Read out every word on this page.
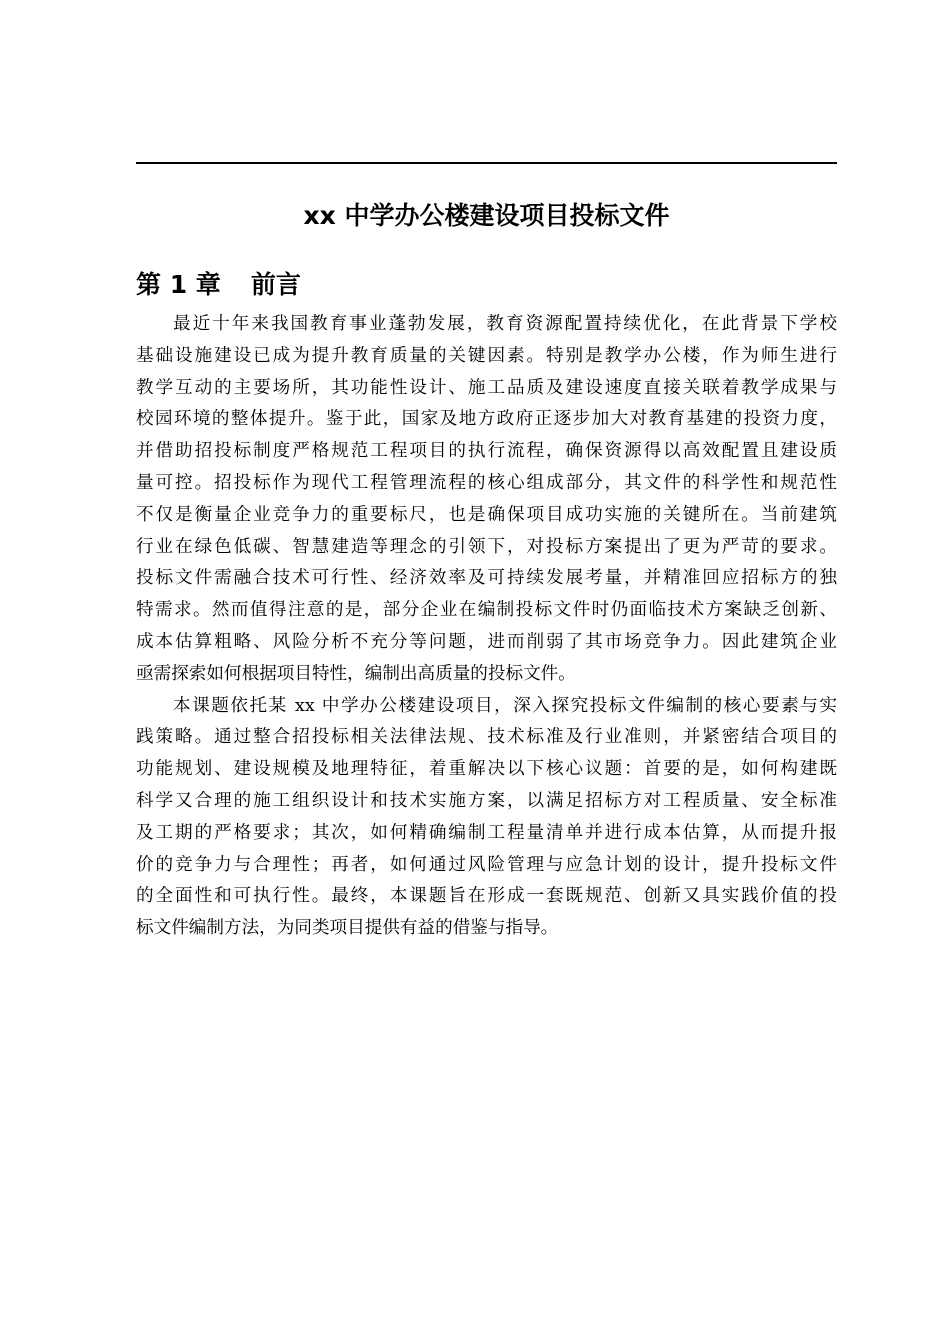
xx 中学办公楼建设项目投标文件
第 1 章 前言

最近十年来我国教育事业蓬勃发展，教育资源配置持续优化，在此背景下学校
基础设施建设已成为提升教育质量的关键因素。特别是教学办公楼，作为师生进行
教学互动的主要场所，其功能性设计、施工品质及建设速度直接关联着教学成果与
校园环境的整体提升。鉴于此，国家及地方政府正逐步加大对教育基建的投资力度，
并借助招投标制度严格规范工程项目的执行流程，确保资源得以高效配置且建设质
量可控。招投标作为现代工程管理流程的核心组成部分，其文件的科学性和规范性
不仅是衡量企业竞争力的重要标尺，也是确保项目成功实施的关键所在。当前建筑
行业在绿色低碳、智慧建造等理念的引领下，对投标方案提出了更为严苛的要求。
投标文件需融合技术可行性、经济效率及可持续发展考量，并精准回应招标方的独
特需求。然而值得注意的是，部分企业在编制投标文件时仍面临技术方案缺乏创新、
成本估算粗略、风险分析不充分等问题，进而削弱了其市场竞争力。因此建筑企业
亟需探索如何根据项目特性，编制出高质量的投标文件。

本课题依托某 xx 中学办公楼建设项目，深入探究投标文件编制的核心要素与实
践策略。通过整合招投标相关法律法规、技术标准及行业准则，并紧密结合项目的
功能规划、建设规模及地理特征，着重解决以下核心议题：首要的是，如何构建既
科学又合理的施工组织设计和技术实施方案，以满足招标方对工程质量、安全标准
及工期的严格要求；其次，如何精确编制工程量清单并进行成本估算，从而提升报
价的竞争力与合理性；再者，如何通过风险管理与应急计划的设计，提升投标文件
的全面性和可执行性。最终，本课题旨在形成一套既规范、创新又具实践价值的投
标文件编制方法，为同类项目提供有益的借鉴与指导。
